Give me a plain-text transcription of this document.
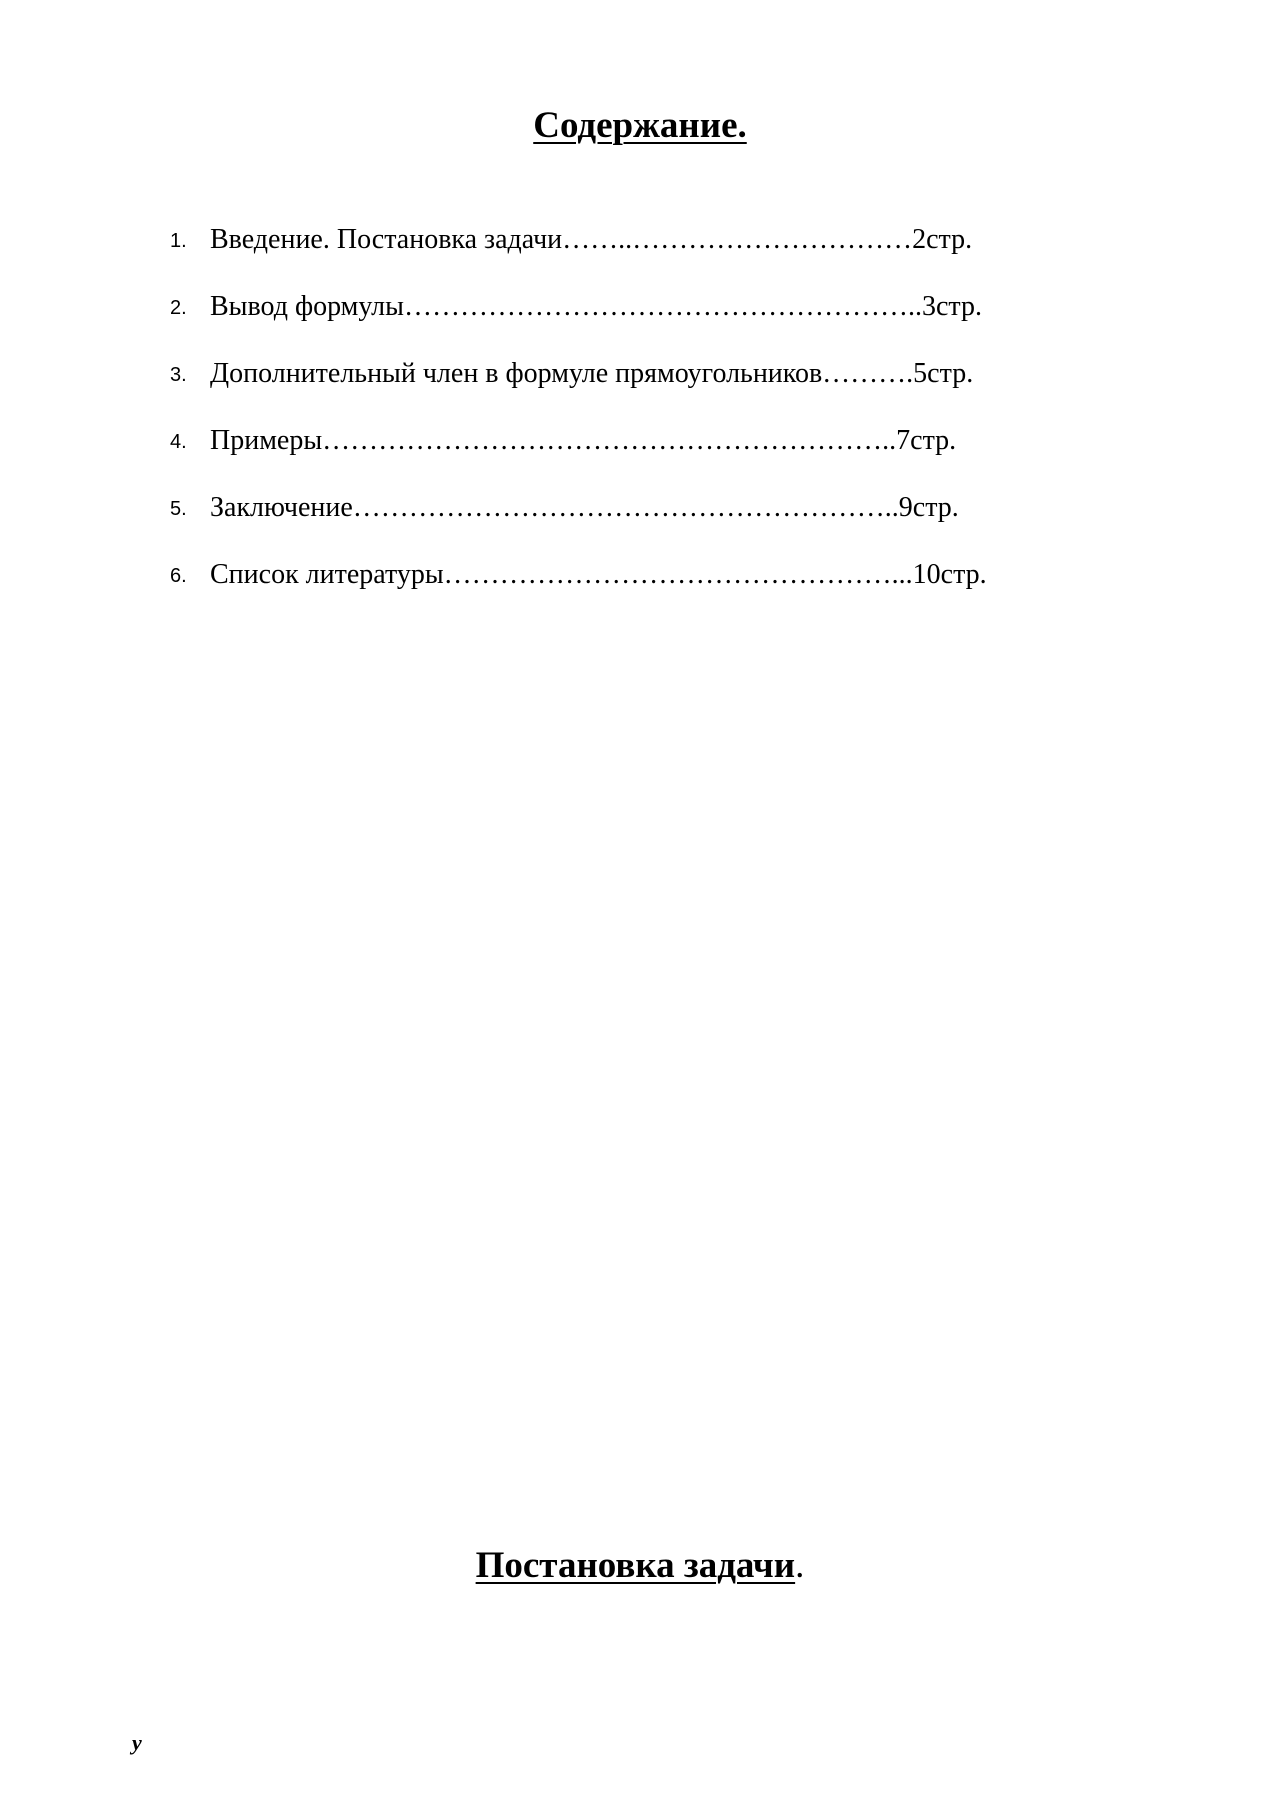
Содержание.
1. Введение. Постановка задачи……..…………………………2стр.
2. Вывод формулы………………………………………………..3стр.
3. Дополнительный член в формуле прямоугольников……….5стр.
4. Примеры……………………………………………………..7стр.
5. Заключение…………………………………………………..9стр.
6. Список литературы…………………………………………...10стр.
Постановка задачи.
y
